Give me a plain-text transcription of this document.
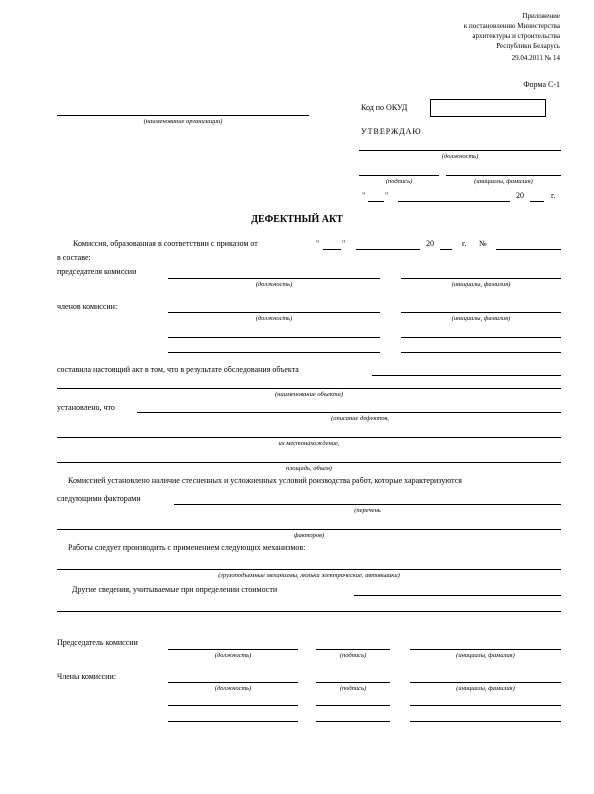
Приложение
к постановлению Министерства
архитектуры и строительства
Республики Беларусь
29.04.2011 № 14
Форма С-1
(наименование организации)
Код по ОКУД
УТВЕРЖДАЮ
(должность)
(подпись)	(инициалы, фамилия)
" "	20	г.
ДЕФЕКТНЫЙ АКТ
Комиссия, образованная в соответствии с приказом от	"	"	20	г. №
в составе:
председателя комиссии
(должность)	(инициалы, фамилия)
членов комиссии:
(должность)	(инициалы, фамилия)
составила настоящий акт в том, что в результате обследования объекта
(наименование объекта)
установлено, что
(описание дефектов,
их местонахождение,
площадь, объем)
Комиссией установлено наличие стесненных и усложненных условий роизводства работ, которые характеризуются
следующими факторами
(перечень
факторов)
Работы следует производить с применением следующих механизмов:
(грузоподъемные механизмы, люльки электрические, автовышки)
Другие сведения, учитываемые при определении стоимости
Председатель комиссии
(должность)	(подпись)	(инициалы, фамилия)
Члены комиссии:
(должность)	(подпись)	(инициалы, фамилия)
